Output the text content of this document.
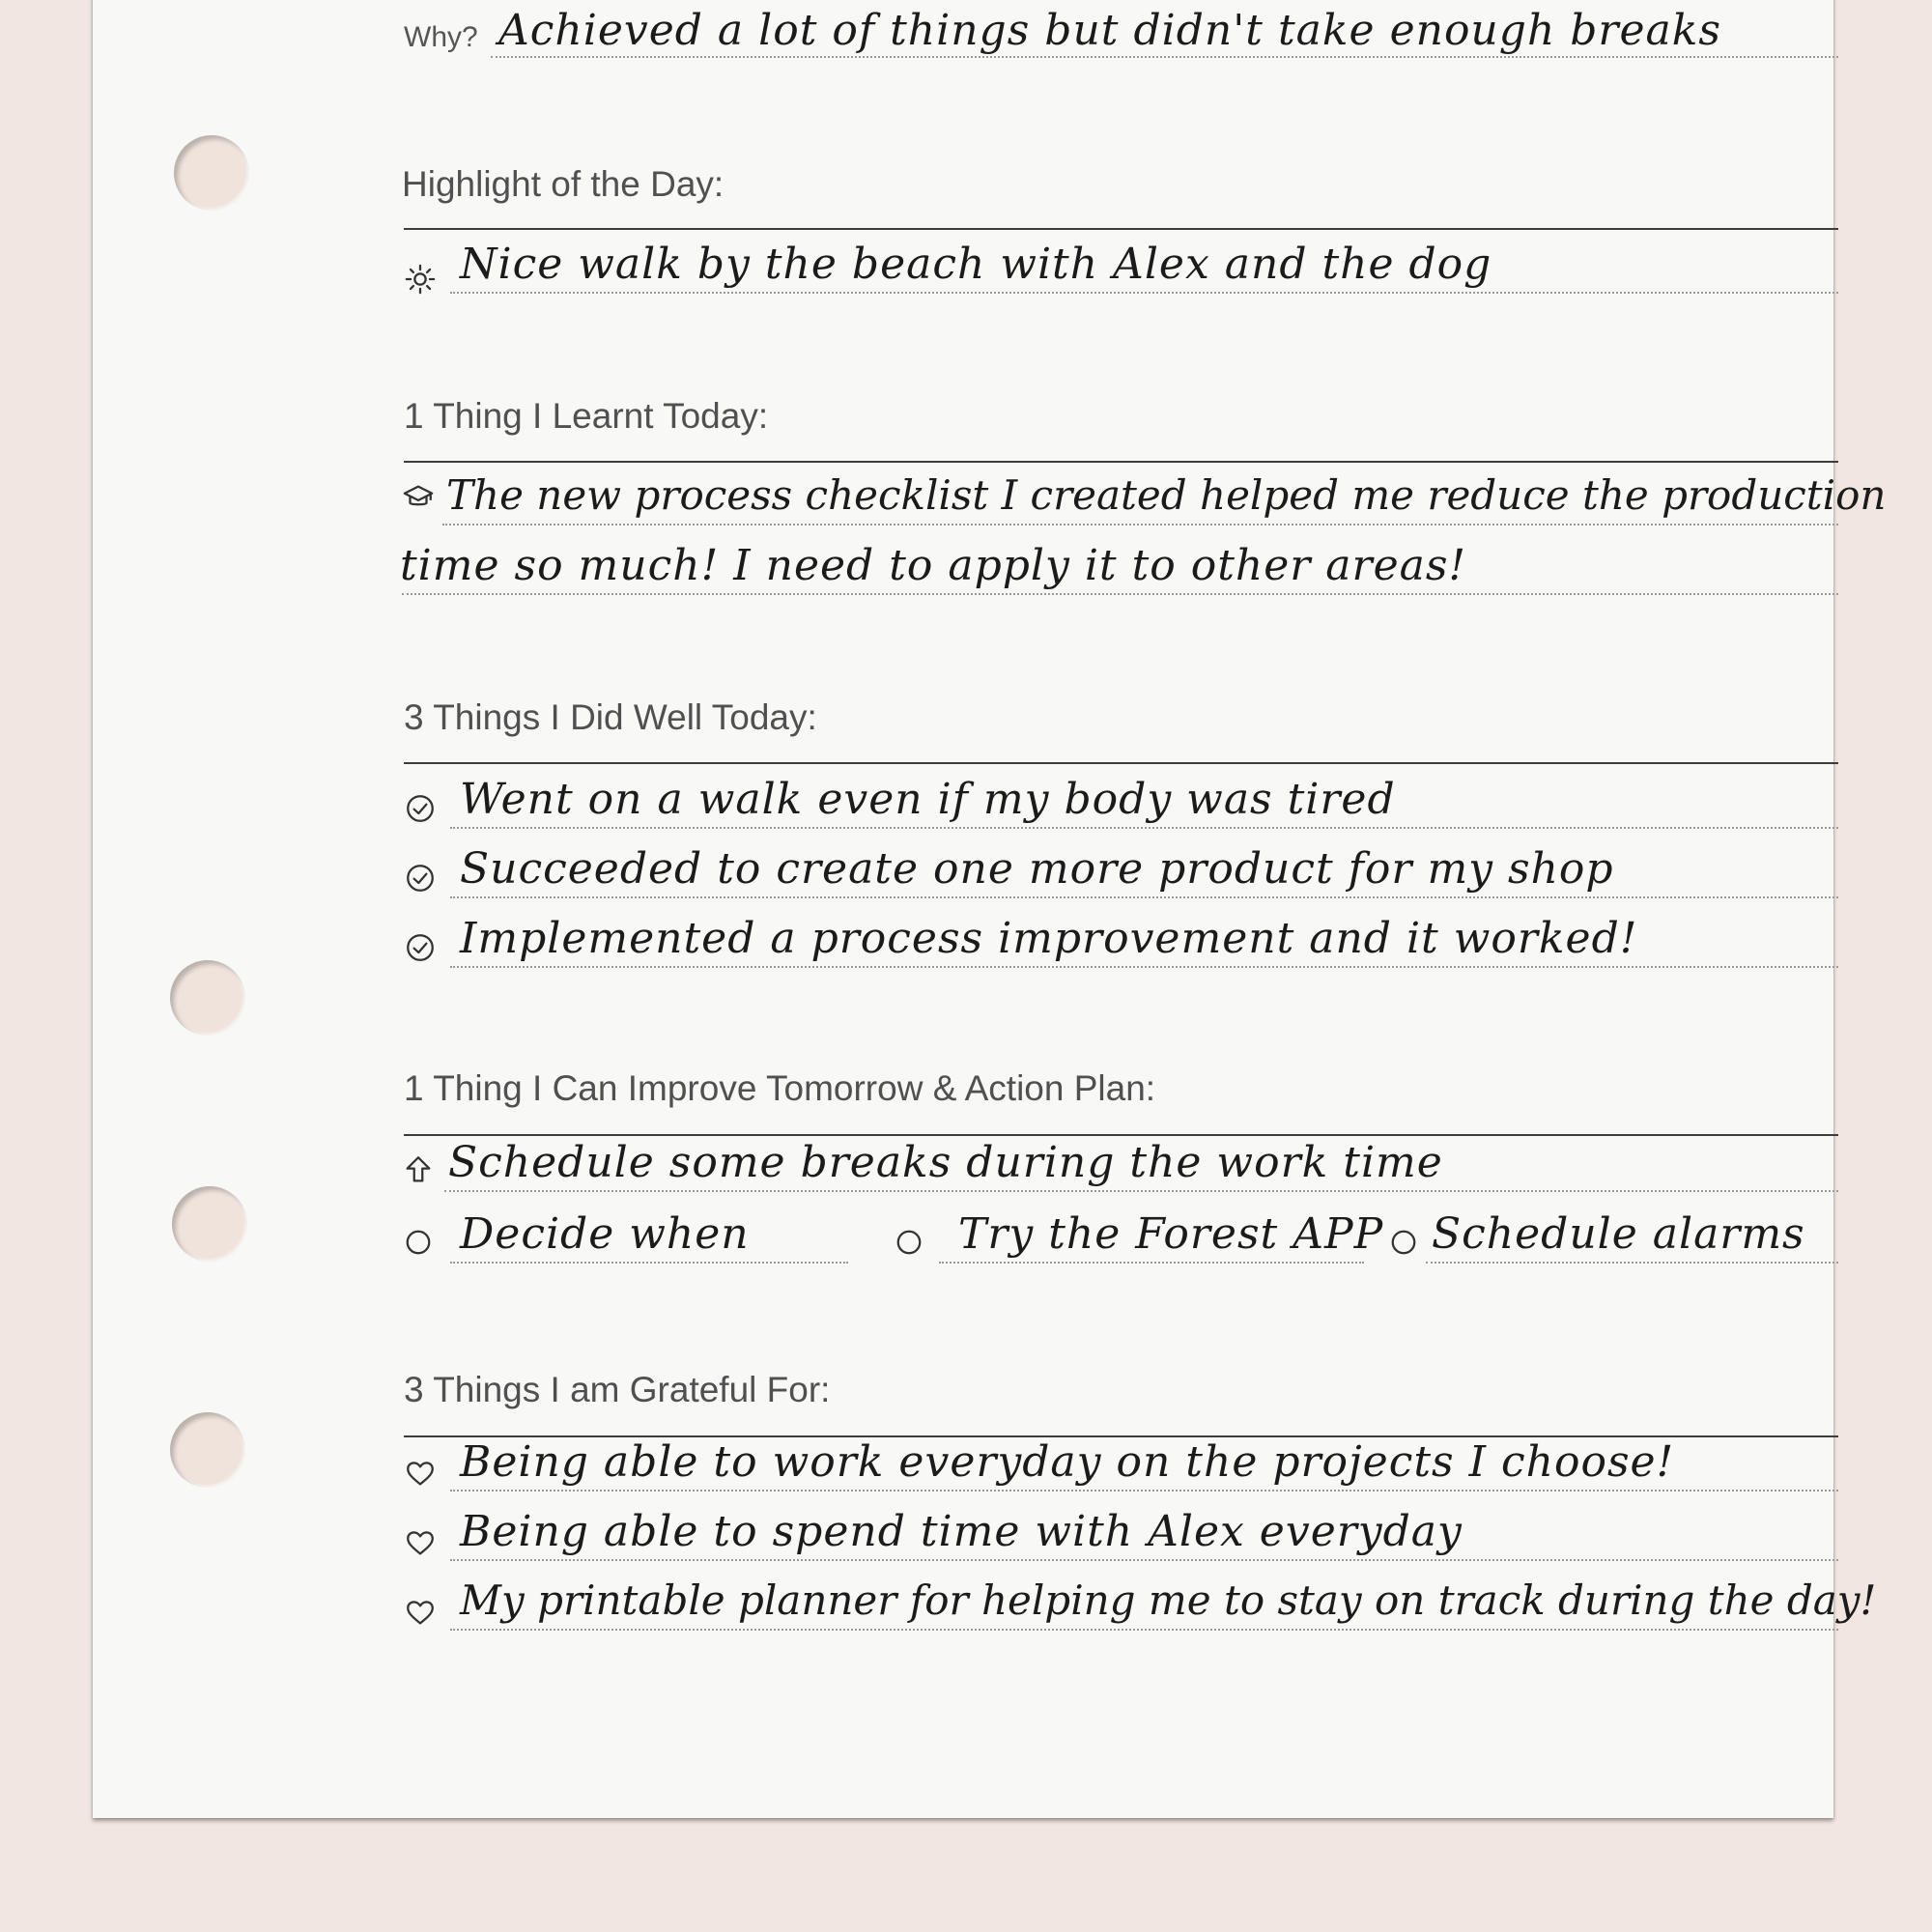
Why? Achieved a lot of things but didn't take enough breaks
Highlight of the Day:
Nice walk by the beach with Alex and the dog
1 Thing I Learnt Today:
The new process checklist I created helped me reduce the production
time so much! I need to apply it to other areas!
3 Things I Did Well Today:
Went on a walk even if my body was tired
Succeeded to create one more product for my shop
Implemented a process improvement and it worked!
1 Thing I Can Improve Tomorrow & Action Plan:
Schedule some breaks during the work time
Decide when	Try the Forest APP Schedule alarms
3 Things I am Grateful For:
Being able to work everyday on the projects I choose!
Being able to spend time with Alex everyday
My printable planner for helping me to stay on track during the day!
